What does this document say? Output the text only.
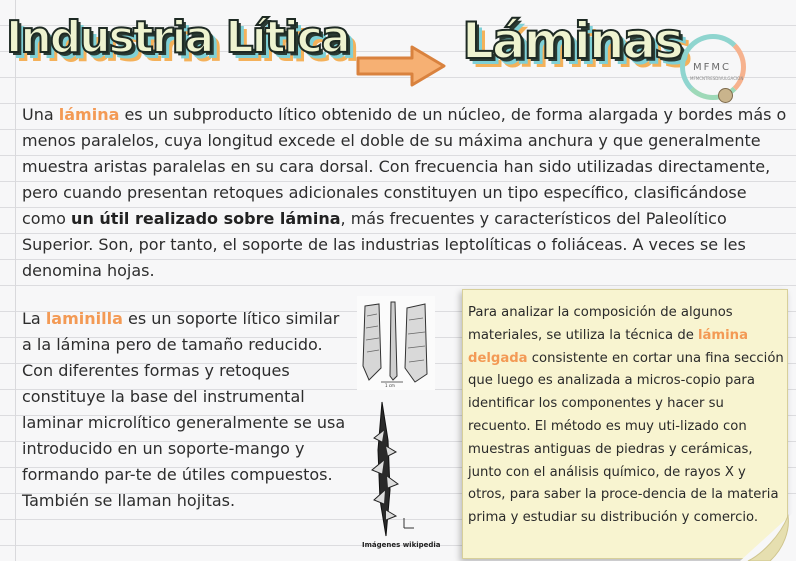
Industria Lítica Láminas MFMC
MFMCNTRESDIVULGACION

Una lámina es un subproducto lítico obtenido de un núcleo, de forma alargada y bordes más o menos paralelos, cuya longitud excede el doble de su máxima anchura y que generalmente muestra aristas paralelas en su cara dorsal. Con frecuencia han sido utilizadas directamente, pero cuando presentan retoques adicionales constituyen un tipo específico, clasificándose como un útil realizado sobre lámina, más frecuentes y característicos del Paleolítico Superior. Son, por tanto, el soporte de las industrias leptolíticas o foliáceas. A veces se les denomina hojas.

La laminilla es un soporte lítico similar a la lámina pero de tamaño reducido. Con diferentes formas y retoques constituye la base del instrumental laminar microlítico generalmente se usa introducido en un soporte-mango y formando par-te de útiles compuestos. También se llaman hojitas.

1 cm
Imágenes wikipedia

Para analizar la composición de algunos materiales, se utiliza la técnica de lámina delgada consistente en cortar una fina sección que luego es analizada a micros-copio para identificar los componentes y hacer su recuento. El método es muy uti-lizado con muestras antiguas de piedras y cerámicas, junto con el análisis químico, de rayos X y otros, para saber la proce-dencia de la materia prima y estudiar su distribución y comercio.
